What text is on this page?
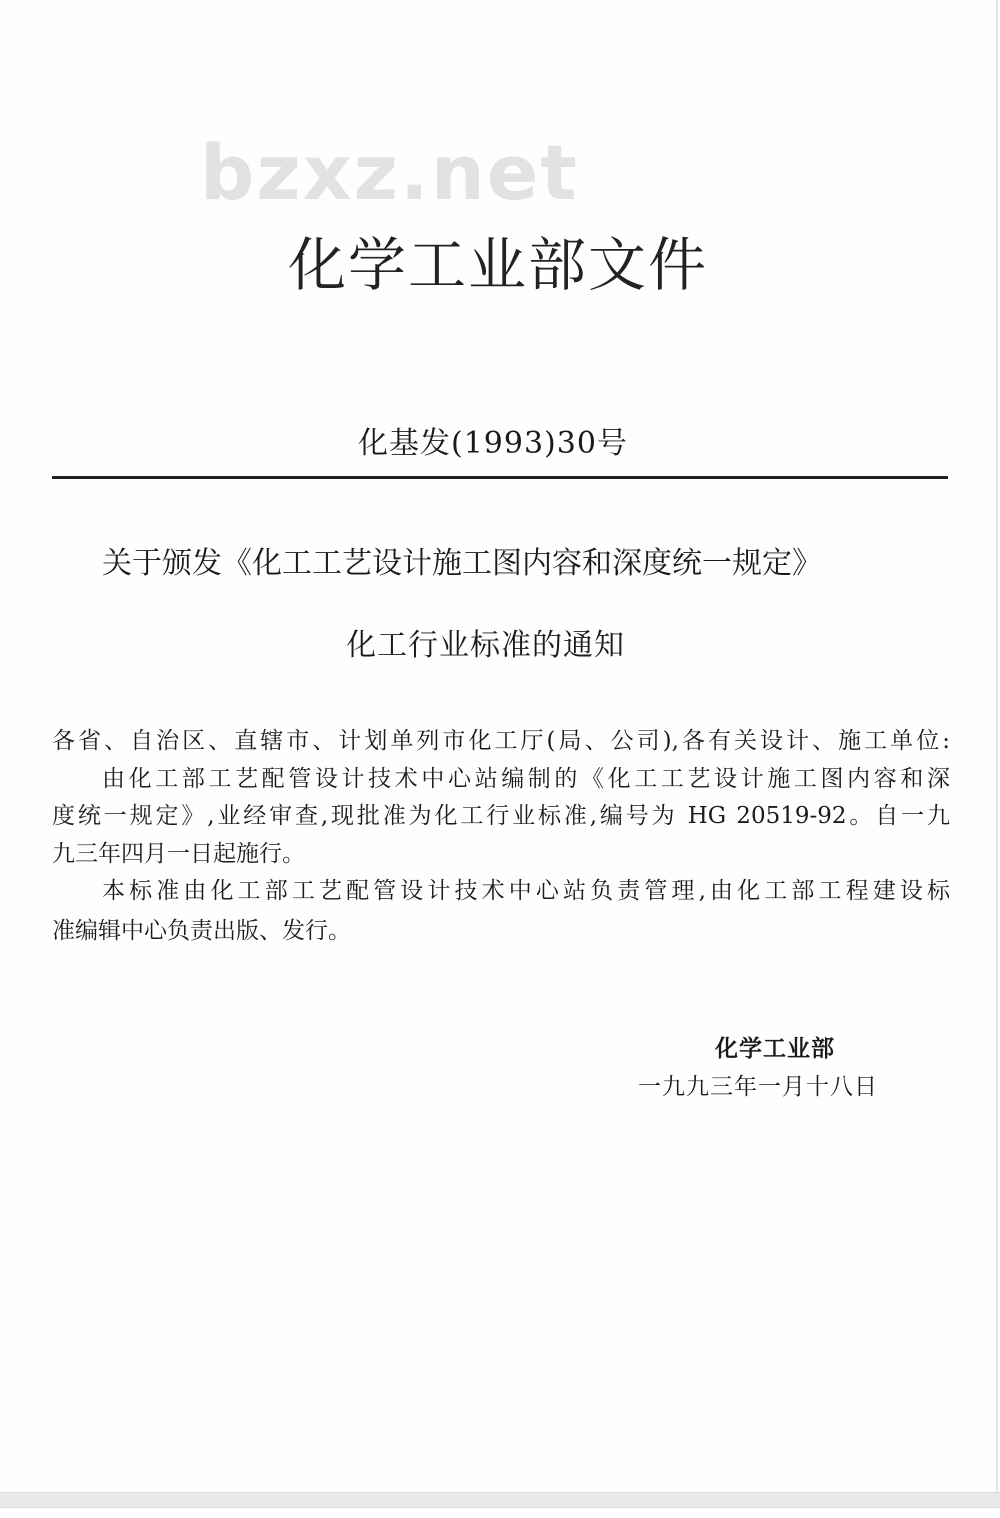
bzxz.net
化学工业部文件
化基发(1993)30号
关于颁发《化工工艺设计施工图内容和深度统一规定》
化工行业标准的通知
各省、自治区、直辖市、计划单列市化工厅(局、公司),各有关设计、施工单位:
由化工部工艺配管设计技术中心站编制的《化工工艺设计施工图内容和深
度统一规定》,业经审查,现批准为化工行业标准,编号为 HG 20519-92。自一九
九三年四月一日起施行。
本标准由化工部工艺配管设计技术中心站负责管理,由化工部工程建设标
准编辑中心负责出版、发行。
化学工业部
一九九三年一月十八日
